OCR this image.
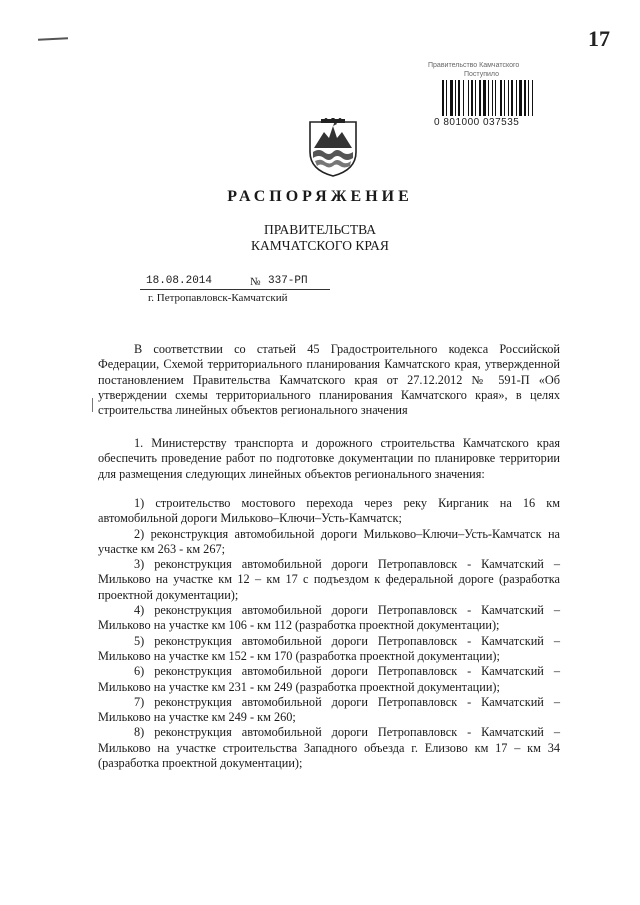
17
Правительство Камчатского
Поступило
0 801000 037535
РАСПОРЯЖЕНИЕ
ПРАВИТЕЛЬСТВА
КАМЧАТСКОГО КРАЯ
18.08.2014	№ 337-РП
г. Петропавловск-Камчатский

В соответствии со статьей 45 Градостроительного кодекса Российской Федерации, Схемой территориального планирования Камчатского края, утвержденной постановлением Правительства Камчатского края от 27.12.2012 № 591-П «Об утверждении схемы территориального планирования Камчатского края», в целях строительства линейных объектов регионального значения

1. Министерству транспорта и дорожного строительства Камчатского края обеспечить проведение работ по подготовке документации по планировке территории для размещения следующих линейных объектов регионального значения:

1) строительство мостового перехода через реку Кирганик на 16 км автомобильной дороги Мильково–Ключи–Усть-Камчатск;

2) реконструкция автомобильной дороги Мильково–Ключи–Усть-Камчатск на участке км 263 - км 267;

3) реконструкция автомобильной дороги Петропавловск - Камчатский – Мильково на участке км 12 – км 17 с подъездом к федеральной дороге (разработка проектной документации);

4) реконструкция автомобильной дороги Петропавловск - Камчатский – Мильково на участке км 106 - км 112 (разработка проектной документации);

5) реконструкция автомобильной дороги Петропавловск - Камчатский – Мильково на участке км 152 - км 170 (разработка проектной документации);

6) реконструкция автомобильной дороги Петропавловск - Камчатский – Мильково на участке км 231 - км 249 (разработка проектной документации);

7) реконструкция автомобильной дороги Петропавловск - Камчатский – Мильково на участке км 249 - км 260;

8) реконструкция автомобильной дороги Петропавловск - Камчатский – Мильково на участке строительства Западного объезда г. Елизово км 17 – км 34 (разработка проектной документации);
